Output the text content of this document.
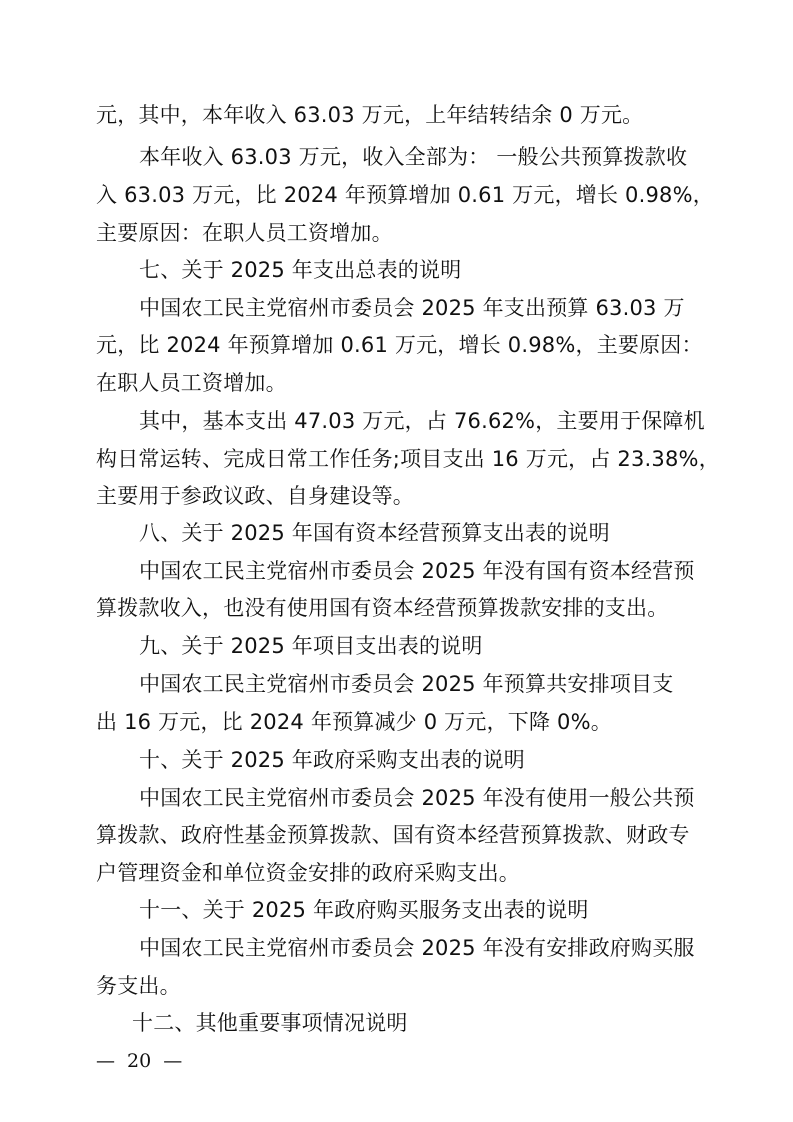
元，其中，本年收入 63.03 万元，上年结转结余 0 万元。
本年收入 63.03 万元，收入全部为： 一般公共预算拨款收
入 63.03 万元，比 2024 年预算增加 0.61 万元，增长 0.98%，
主要原因：在职人员工资增加。
七、关于 2025 年支出总表的说明
中国农工民主党宿州市委员会 2025 年支出预算 63.03 万
元，比 2024 年预算增加 0.61 万元，增长 0.98%，主要原因：
在职人员工资增加。
其中，基本支出 47.03 万元，占 76.62%，主要用于保障机
构日常运转、完成日常工作任务;项目支出 16 万元，占 23.38%，
主要用于参政议政、自身建设等。
八、关于 2025 年国有资本经营预算支出表的说明
中国农工民主党宿州市委员会 2025 年没有国有资本经营预
算拨款收入，也没有使用国有资本经营预算拨款安排的支出。
九、关于 2025 年项目支出表的说明
中国农工民主党宿州市委员会 2025 年预算共安排项目支
出 16 万元，比 2024 年预算减少 0 万元，下降 0%。
十、关于 2025 年政府采购支出表的说明
中国农工民主党宿州市委员会 2025 年没有使用一般公共预
算拨款、政府性基金预算拨款、国有资本经营预算拨款、财政专
户管理资金和单位资金安排的政府采购支出。
十一、关于 2025 年政府购买服务支出表的说明
中国农工民主党宿州市委员会 2025 年没有安排政府购买服
务支出。
十二、其他重要事项情况说明
— 20 —
